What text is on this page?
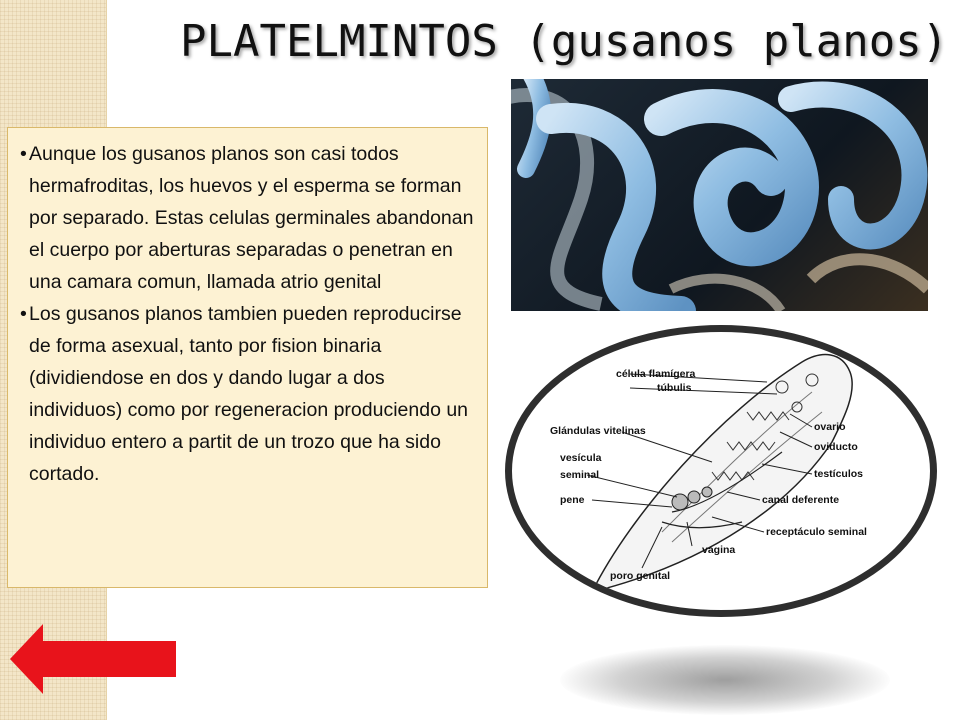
PLATELMINTOS (gusanos planos)

• Aunque los gusanos planos son casi todos hermafroditas, los huevos y el esperma se forman por separado. Estas celulas germinales abandonan el cuerpo por aberturas separadas o penetran en una camara comun, llamada atrio genital

• Los gusanos planos tambien pueden reproducirse de forma asexual, tanto por fision binaria (dividiendose en dos y dando lugar a dos individuos) como por regeneracion produciendo un individuo entero a partit de un trozo que ha sido cortado.

célula flamígera
túbulis
Glándulas vitelinas
vesícula
seminal
pene
ovario
oviducto
testículos
canal deferente
receptáculo seminal
vagina
poro genital
